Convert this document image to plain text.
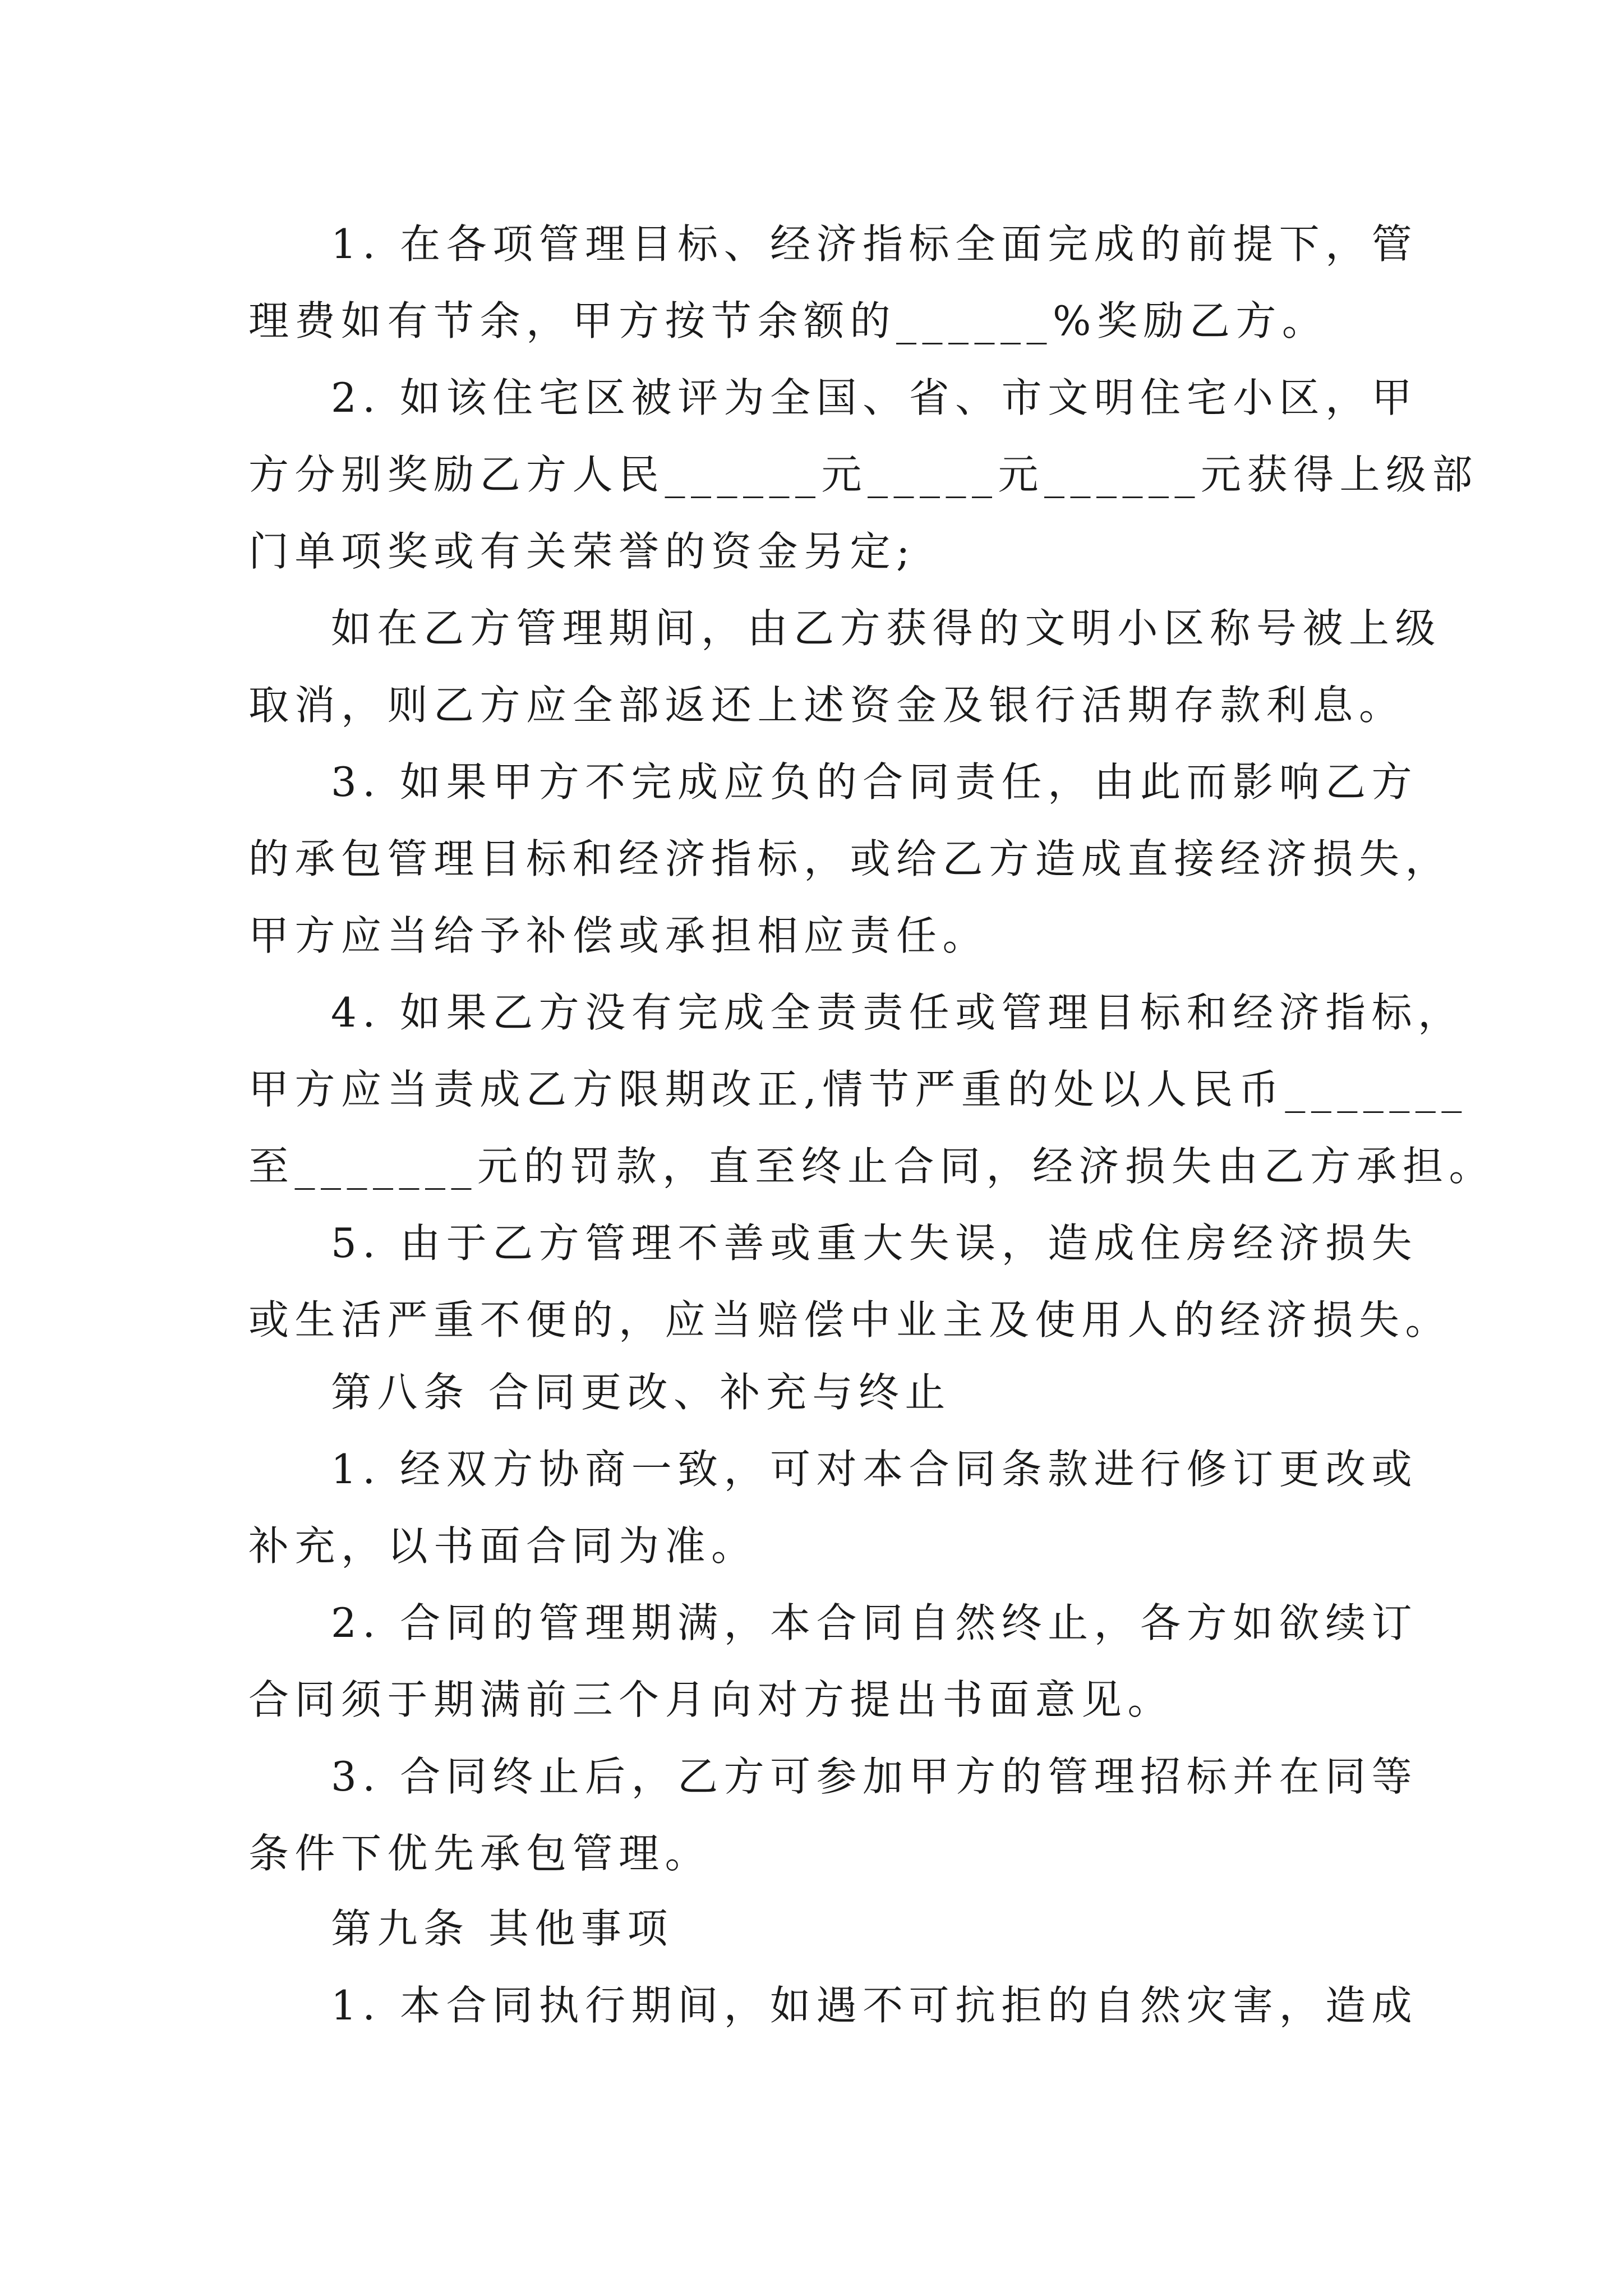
1. 在各项管理目标、经济指标全面完成的前提下，管
理费如有节余，甲方按节余额的______%奖励乙方。
2. 如该住宅区被评为全国、省、市文明住宅小区，甲
方分别奖励乙方人民______元_____元______元获得上级部
门单项奖或有关荣誉的资金另定;
如在乙方管理期间，由乙方获得的文明小区称号被上级
取消，则乙方应全部返还上述资金及银行活期存款利息。
3. 如果甲方不完成应负的合同责任，由此而影响乙方
的承包管理目标和经济指标，或给乙方造成直接经济损失，
甲方应当给予补偿或承担相应责任。
4. 如果乙方没有完成全责责任或管理目标和经济指标，
甲方应当责成乙方限期改正,情节严重的处以人民币_______
至_______元的罚款，直至终止合同，经济损失由乙方承担。
5. 由于乙方管理不善或重大失误，造成住房经济损失
或生活严重不便的，应当赔偿中业主及使用人的经济损失。
第八条 合同更改、补充与终止
1. 经双方协商一致，可对本合同条款进行修订更改或
补充，以书面合同为准。
2. 合同的管理期满，本合同自然终止，各方如欲续订
合同须于期满前三个月向对方提出书面意见。
3. 合同终止后，乙方可参加甲方的管理招标并在同等
条件下优先承包管理。
第九条 其他事项
1. 本合同执行期间，如遇不可抗拒的自然灾害，造成
